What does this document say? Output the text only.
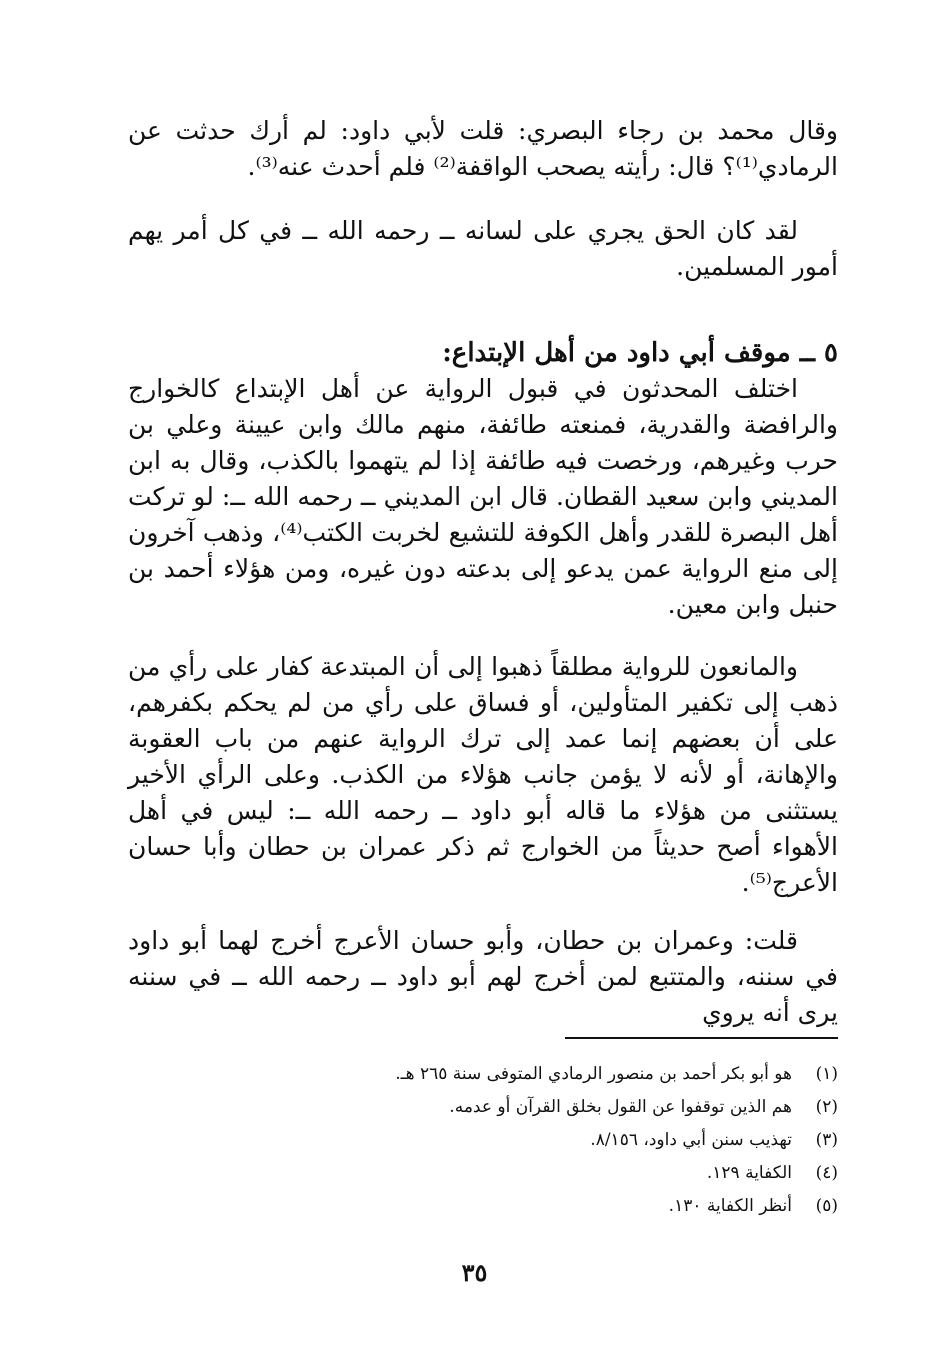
وقال محمد بن رجاء البصري: قلت لأبي داود: لم أرك حدثت عن الرمادي⁽¹⁾؟ قال: رأيته يصحب الواقفة⁽²⁾ فلم أحدث عنه⁽³⁾.

لقد كان الحق يجري على لسانه ــ رحمه الله ــ في كل أمر يهم أمور المسلمين.

٥ ــ موقف أبي داود من أهل الإبتداع:

اختلف المحدثون في قبول الرواية عن أهل الإبتداع كالخوارج والرافضة والقدرية، فمنعته طائفة، منهم مالك وابن عيينة وعلي بن حرب وغيرهم، ورخصت فيه طائفة إذا لم يتهموا بالكذب، وقال به ابن المديني وابن سعيد القطان. قال ابن المديني ــ رحمه الله ــ: لو تركت أهل البصرة للقدر وأهل الكوفة للتشيع لخربت الكتب⁽⁴⁾، وذهب آخرون إلى منع الرواية عمن يدعو إلى بدعته دون غيره، ومن هؤلاء أحمد بن حنبل وابن معين.

والمانعون للرواية مطلقاً ذهبوا إلى أن المبتدعة كفار على رأي من ذهب إلى تكفير المتأولين، أو فساق على رأي من لم يحكم بكفرهم، على أن بعضهم إنما عمد إلى ترك الرواية عنهم من باب العقوبة والإهانة، أو لأنه لا يؤمن جانب هؤلاء من الكذب. وعلى الرأي الأخير يستثنى من هؤلاء ما قاله أبو داود ــ رحمه الله ــ: ليس في أهل الأهواء أصح حديثاً من الخوارج ثم ذكر عمران بن حطان وأبا حسان الأعرج⁽⁵⁾.

قلت: وعمران بن حطان، وأبو حسان الأعرج أخرج لهما أبو داود في سننه، والمتتبع لمن أخرج لهم أبو داود ــ رحمه الله ــ في سننه يرى أنه يروي

(١)هو أبو بكر أحمد بن منصور الرمادي المتوفى سنة ٢٦٥ هـ.
(٢)هم الذين توقفوا عن القول بخلق القرآن أو عدمه.
(٣)تهذيب سنن أبي داود، ٨/١٥٦.
(٤)الكفاية ١٢٩.
(٥)أنظر الكفاية ١٣٠.
٣٥
